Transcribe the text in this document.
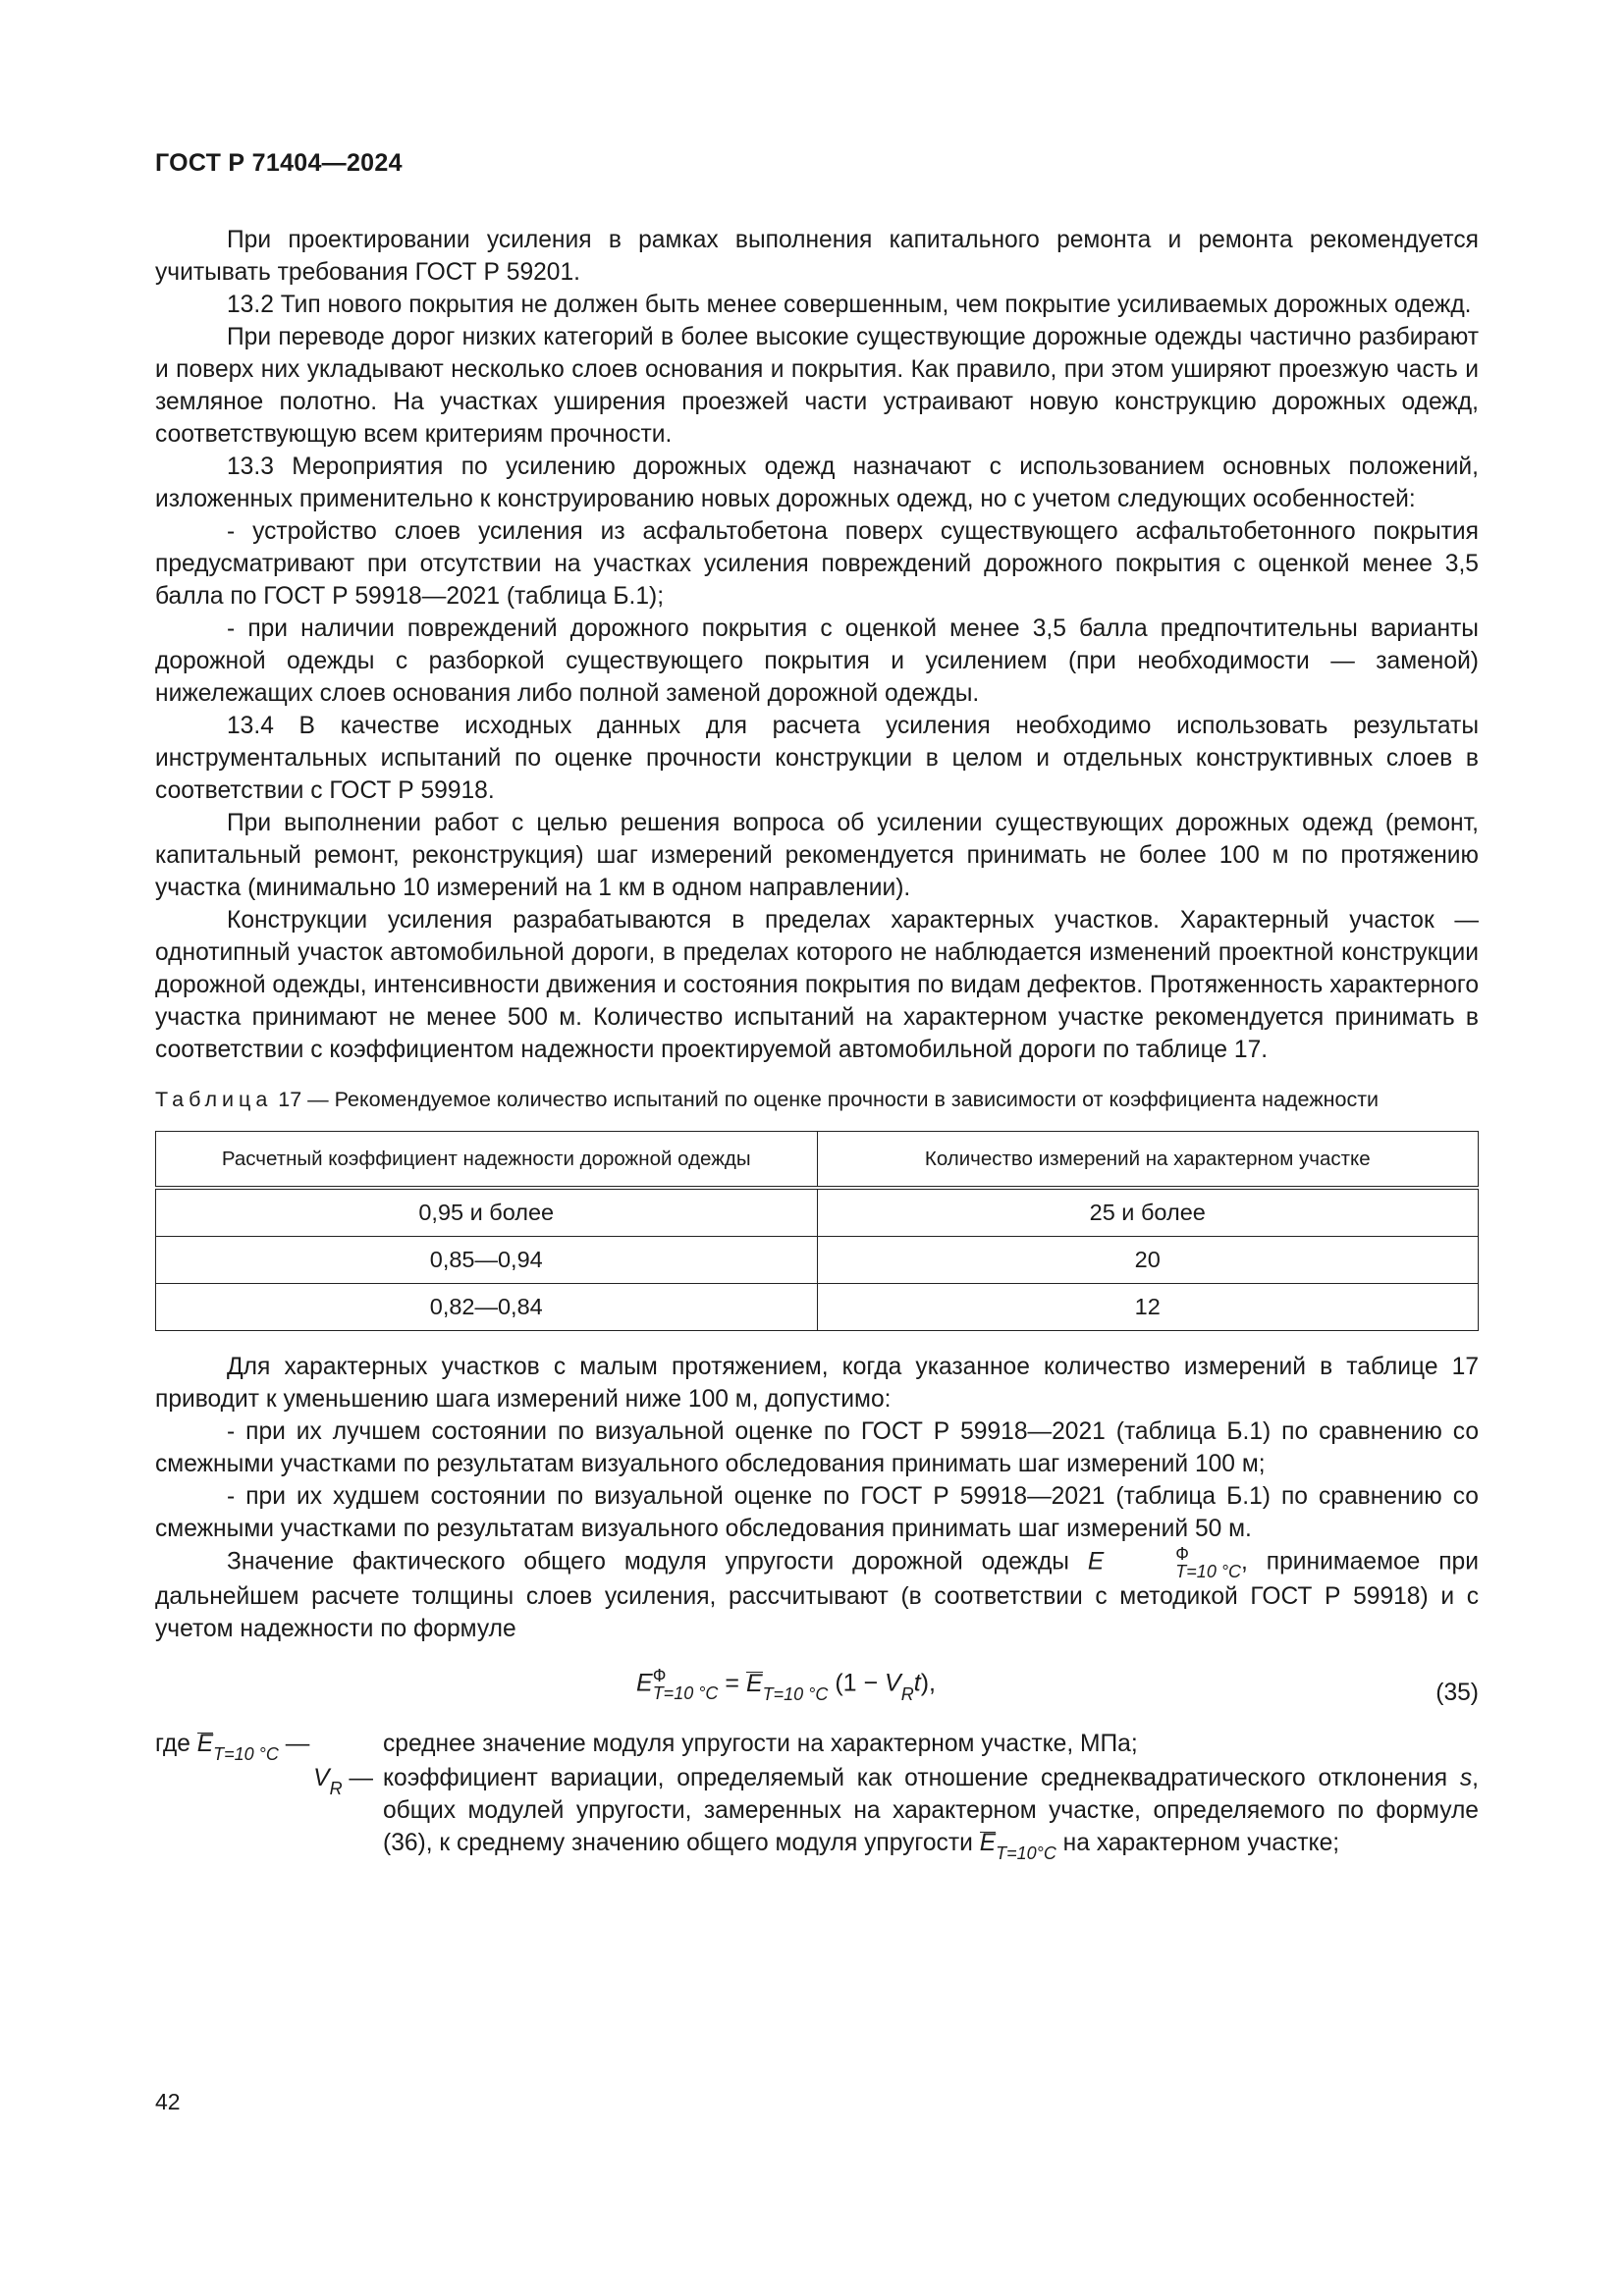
ГОСТ Р 71404—2024

При проектировании усиления в рамках выполнения капитального ремонта и ремонта рекомендуется учитывать требования ГОСТ Р 59201.

13.2 Тип нового покрытия не должен быть менее совершенным, чем покрытие усиливаемых дорожных одежд.

При переводе дорог низких категорий в более высокие существующие дорожные одежды частично разбирают и поверх них укладывают несколько слоев основания и покрытия. Как правило, при этом уширяют проезжую часть и земляное полотно. На участках уширения проезжей части устраивают новую конструкцию дорожных одежд, соответствующую всем критериям прочности.

13.3 Мероприятия по усилению дорожных одежд назначают с использованием основных положений, изложенных применительно к конструированию новых дорожных одежд, но с учетом следующих особенностей:

- устройство слоев усиления из асфальтобетона поверх существующего асфальтобетонного покрытия предусматривают при отсутствии на участках усиления повреждений дорожного покрытия с оценкой менее 3,5 балла по ГОСТ Р 59918—2021 (таблица Б.1);

- при наличии повреждений дорожного покрытия с оценкой менее 3,5 балла предпочтительны варианты дорожной одежды с разборкой существующего покрытия и усилением (при необходимости — заменой) нижележащих слоев основания либо полной заменой дорожной одежды.

13.4 В качестве исходных данных для расчета усиления необходимо использовать результаты инструментальных испытаний по оценке прочности конструкции в целом и отдельных конструктивных слоев в соответствии с ГОСТ Р 59918.

При выполнении работ с целью решения вопроса об усилении существующих дорожных одежд (ремонт, капитальный ремонт, реконструкция) шаг измерений рекомендуется принимать не более 100 м по протяжению участка (минимально 10 измерений на 1 км в одном направлении).

Конструкции усиления разрабатываются в пределах характерных участков. Характерный участок — однотипный участок автомобильной дороги, в пределах которого не наблюдается изменений проектной конструкции дорожной одежды, интенсивности движения и состояния покрытия по видам дефектов. Протяженность характерного участка принимают не менее 500 м. Количество испытаний на характерном участке рекомендуется принимать в соответствии с коэффициентом надежности проектируемой автомобильной дороги по таблице 17.

Таблица 17 — Рекомендуемое количество испытаний по оценке прочности в зависимости от коэффициента надежности
Расчетный коэффициент надежности дорожной одежды	Количество измерений на характерном участке
0,95 и более	25 и более
0,85—0,94	20
0,82—0,84	12

Для характерных участков с малым протяжением, когда указанное количество измерений в таблице 17 приводит к уменьшению шага измерений ниже 100 м, допустимо:

- при их лучшем состоянии по визуальной оценке по ГОСТ Р 59918—2021 (таблица Б.1) по сравнению со смежными участками по результатам визуального обследования принимать шаг измерений 100 м;

- при их худшем состоянии по визуальной оценке по ГОСТ Р 59918—2021 (таблица Б.1) по сравнению со смежными участками по результатам визуального обследования принимать шаг измерений 50 м.

Значение фактического общего модуля упругости дорожной одежды E	Ф
T=10 °C , принимаемое при дальнейшем расчете толщины слоев усиления, рассчитывают (в соответствии с методикой ГОСТ Р 59918) и с учетом надежности по формуле

E Ф
T=10 $^\circ C = E_{T=10 ^\circ C}$ $(1 - V_Rt)$,	(35)
где $E_{T=10 ^\circ C}$ —	среднее значение модуля упругости на характерном участке, МПа;
$V_R$ — коэффициент вариации, определяемый как отношение среднеквадратического отклонения s, общих модулей упругости, замеренных на характерном участке, определяемого по формуле (36), к среднему значению общего модуля упругости $E_{T=10^\circ C}$ на характерном участке;
42
